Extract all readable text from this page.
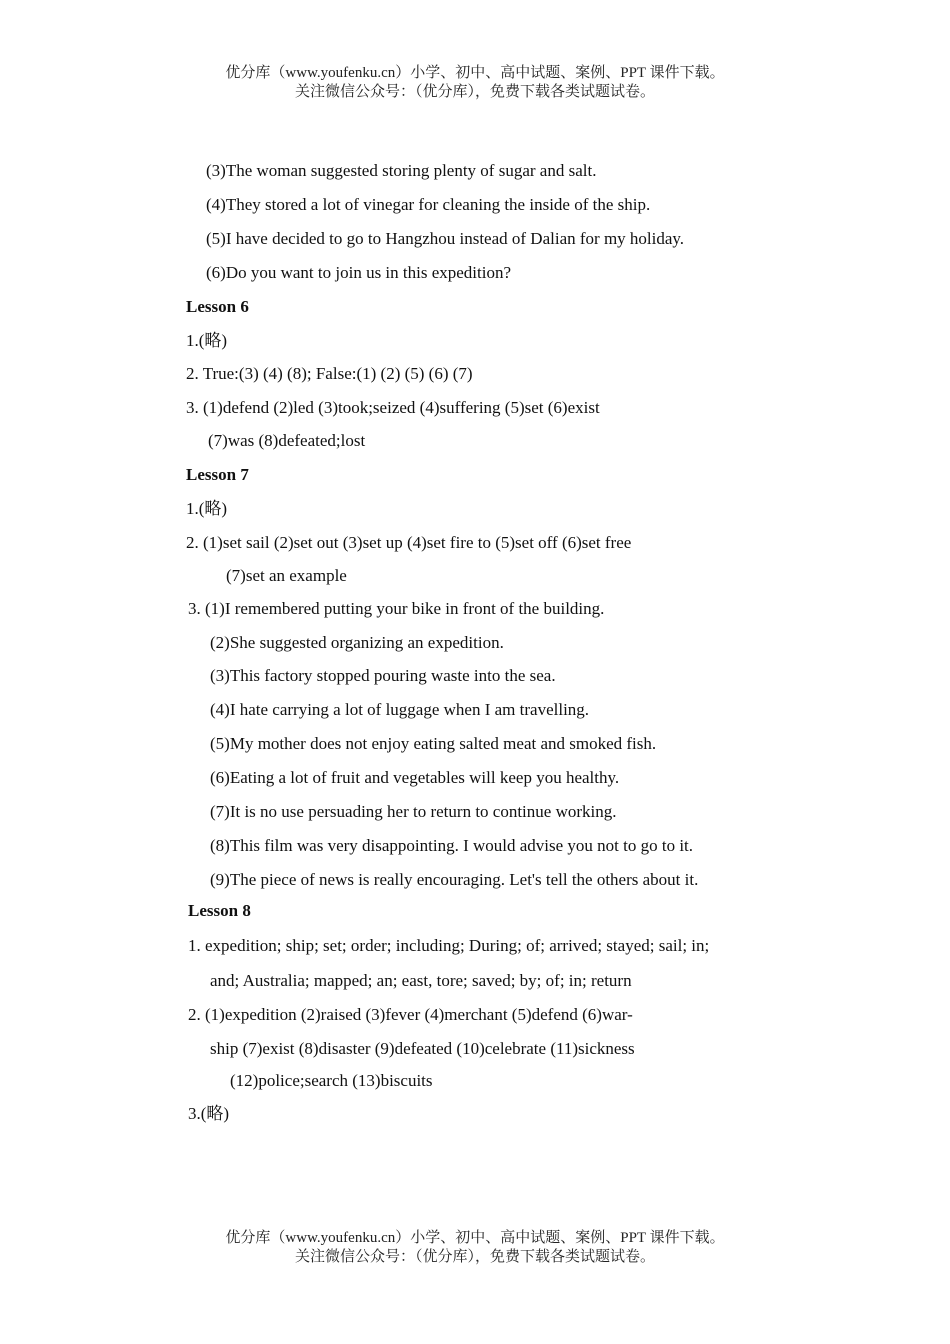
优分库（www.youfenku.cn）小学、初中、高中试题、案例、PPT 课件下载。
关注微信公众号：（优分库），免费下载各类试题试卷。
(3)The woman suggested storing plenty of sugar and salt.
(4)They stored a lot of vinegar for cleaning the inside of the ship.
(5)I have decided to go to Hangzhou instead of Dalian for my holiday.
(6)Do you want to join us in this expedition?
Lesson 6
1.(略)
2. True:(3) (4) (8); False:(1) (2) (5) (6) (7)
3. (1)defend (2)led (3)took;seized (4)suffering (5)set (6)exist
(7)was (8)defeated;lost
Lesson 7
1.(略)
2. (1)set sail (2)set out (3)set up (4)set fire to (5)set off (6)set free
(7)set an example
3. (1)I remembered putting your bike in front of the building.
(2)She suggested organizing an expedition.
(3)This factory stopped pouring waste into the sea.
(4)I hate carrying a lot of luggage when I am travelling.
(5)My mother does not enjoy eating salted meat and smoked fish.
(6)Eating a lot of fruit and vegetables will keep you healthy.
(7)It is no use persuading her to return to continue working.
(8)This film was very disappointing. I would advise you not to go to it.
(9)The piece of news is really encouraging. Let's tell the others about it.
Lesson 8
1. expedition; ship; set; order; including; During; of; arrived; stayed; sail; in;
and; Australia; mapped; an; east, tore; saved; by; of; in; return
2. (1)expedition (2)raised (3)fever (4)merchant (5)defend (6)war-
ship (7)exist (8)disaster (9)defeated (10)celebrate (11)sickness
(12)police;search (13)biscuits
3.(略)
优分库（www.youfenku.cn）小学、初中、高中试题、案例、PPT 课件下载。
关注微信公众号：（优分库），免费下载各类试题试卷。
